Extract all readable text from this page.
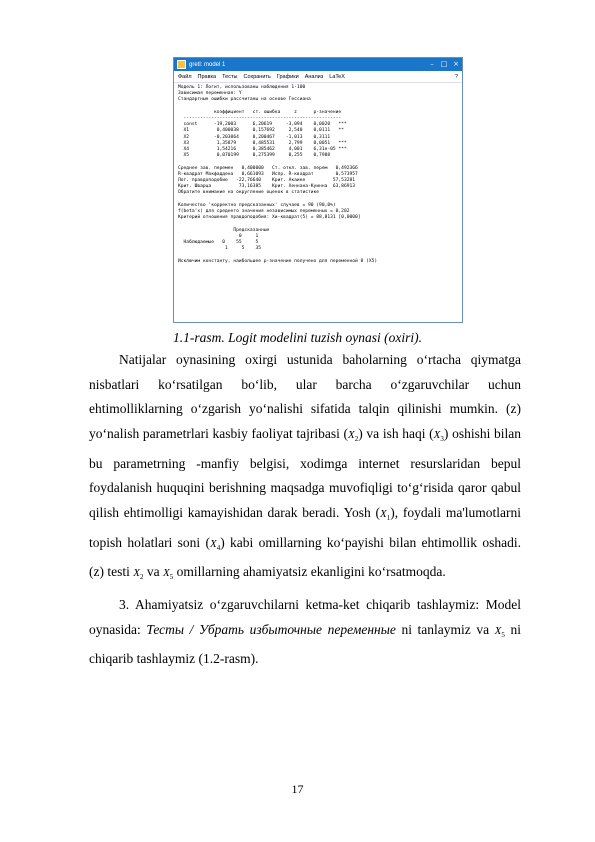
gretl: model 1	– □ ×
Файл Правка Тесты Сохранить Графики Анализ LaTeX	?
Модель 1: Логит, использованы наблюдения 1-100
Зависимая переменная: Y
Стандартные ошибки рассчитаны на основе Гессиана

коэффициент   ст. ошибка     z      p-значение
---------------------------------------------------------
const      -19,2003      6,20619     -3,094    0,0020   ***
X1          0,400038     0,157692     2,540    0,0111   **
X2         -0,203064     0,200467    -1,013    0,3111
X3          1,35879      0,485531     2,799    0,0051   ***
X4          1,54216      0,385462     4,001    6,31e-05 ***
X5          0,070199     0,275399     0,255    0,7988

Среднее зав. перемен   0,400000   Ст. откл. зав. перем   0,492366
R-квадрат Макфаддена   0,661093   Испр. R-квадрат        0,573957
Лог. правдоподобие   -22,76640    Крит. Акаике          57,53281
Крит. Шварца          73,16385    Крит. Хеннана-Куинна  63,86913
Обратите внимание на округление оценок в статистике

Количество 'корректно предсказанных' случаев = 90 (90,0%)
f(beta'x) для среднего значения независимых переменных = 0,202
Критерий отношения правдоподобия: Хи-квадрат(5) = 88,8131 [0,0000]

Предсказанные
0     1
Наблюдаемые   0    55     5
1     5    35

Исключим константу, наибольшее p-значение получено для переменной 8 (X5)
1.1-rasm. Logit modelini tuzish oynasi (oxiri).

Natijalar oynasining oxirgi ustunida baholarning o‘rtacha qiymatga nisbatlari ko‘rsatilgan bo‘lib, ular barcha o‘zgaruvchilar uchun ehtimolliklarning o‘zgarish yo‘nalishi sifatida talqin qilinishi mumkin. (z) yo‘nalish parametrlari kasbiy faoliyat tajribasi $(X_2)$ va ish haqi $(X_3)$ oshishi bilan bu parametrning -manfiy belgisi, xodimga internet resurslaridan bepul foydalanish huquqini berishning maqsadga muvofiqligi to‘g‘risida qaror qabul qilish ehtimolligi kamayishidan darak beradi. Yosh $(X_1)$, foydali ma'lumotlarni topish holatlari soni $(X_4)$ kabi omillarning ko‘payishi bilan ehtimollik oshadi. (z) testi $X_2$ va $X_5$ omillarning ahamiyatsiz ekanligini ko‘rsatmoqda.

3. Ahamiyatsiz o‘zgaruvchilarni ketma-ket chiqarib tashlaymiz: Model oynasida: Тесты / Убрать избыточные переменные ni tanlaymiz va $X_5$ ni chiqarib tashlaymiz (1.2-rasm).

17
